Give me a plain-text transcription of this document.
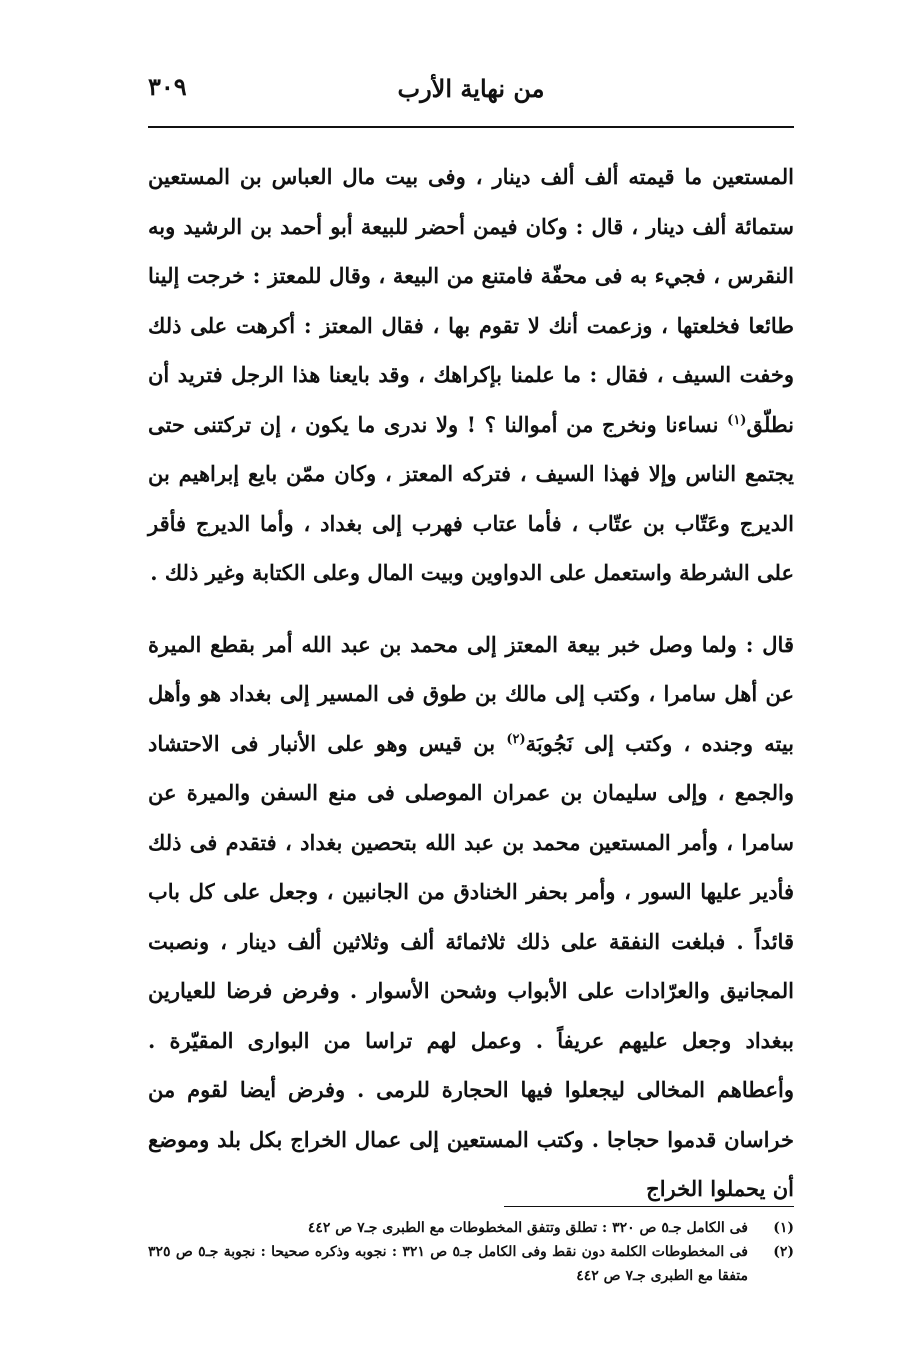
من نهاية الأرب
٣٠٩

المستعين ما قيمته ألف ألف دينار ، وفى بيت مال العباس بن المستعين ستمائة ألف دينار ، قال : وكان فيمن أحضر للبيعة أبو أحمد بن الرشيد وبه النقرس ، فجيء به فى محفّة فامتنع من البيعة ، وقال للمعتز : خرجت إلينا طائعا فخلعتها ، وزعمت أنك لا تقوم بها ، فقال المعتز : أكرهت على ذلك وخفت السيف ، فقال : ما علمنا بإكراهك ، وقد بايعنا هذا الرجل فتريد أن نطلّق$^{(١)}$ نساءنا ونخرج من أموالنا ؟ ! ولا ندرى ما يكون ، إن تركتنى حتى يجتمع الناس وإلا فهذا السيف ، فتركه المعتز ، وكان ممّن بايع إبراهيم بن الديرج وعَتّاب بن عتّاب ، فأما عتاب فهرب إلى بغداد ، وأما الديرج فأقر على الشرطة واستعمل على الدواوين وبيت المال وعلى الكتابة وغير ذلك .

قال : ولما وصل خبر بيعة المعتز إلى محمد بن عبد الله أمر بقطع الميرة عن أهل سامرا ، وكتب إلى مالك بن طوق فى المسير إلى بغداد هو وأهل بيته وجنده ، وكتب إلى نَجُوبَة$^{(٢)}$ بن قيس وهو على الأنبار فى الاحتشاد والجمع ، وإلى سليمان بن عمران الموصلى فى منع السفن والميرة عن سامرا ، وأمر المستعين محمد بن عبد الله بتحصين بغداد ، فتقدم فى ذلك فأدير عليها السور ، وأمر بحفر الخنادق من الجانبين ، وجعل على كل باب قائداً . فبلغت النفقة على ذلك ثلاثمائة ألف وثلاثين ألف دينار ، ونصبت المجانيق والعرّادات على الأبواب وشحن الأسوار . وفرض فرضا للعيارين ببغداد وجعل عليهم عريفاً . وعمل لهم تراسا من البوارى المقيّرة . وأعطاهم المخالى ليجعلوا فيها الحجارة للرمى . وفرض أيضا لقوم من خراسان قدموا حجاجا . وكتب المستعين إلى عمال الخراج بكل بلد وموضع أن يحملوا الخراج

(١)
فى الكامل جـ٥ ص ٣٢٠ : تطلق وتتفق المخطوطات مع الطبرى جـ٧ ص ٤٤٢
(٢)
فى المخطوطات الكلمة دون نقط وفى الكامل جـ٥ ص ٣٢١ : نجوبه وذكره صحيحا : نجوبة جـ٥ ص ٣٢٥ متفقا مع الطبرى جـ٧ ص ٤٤٢
